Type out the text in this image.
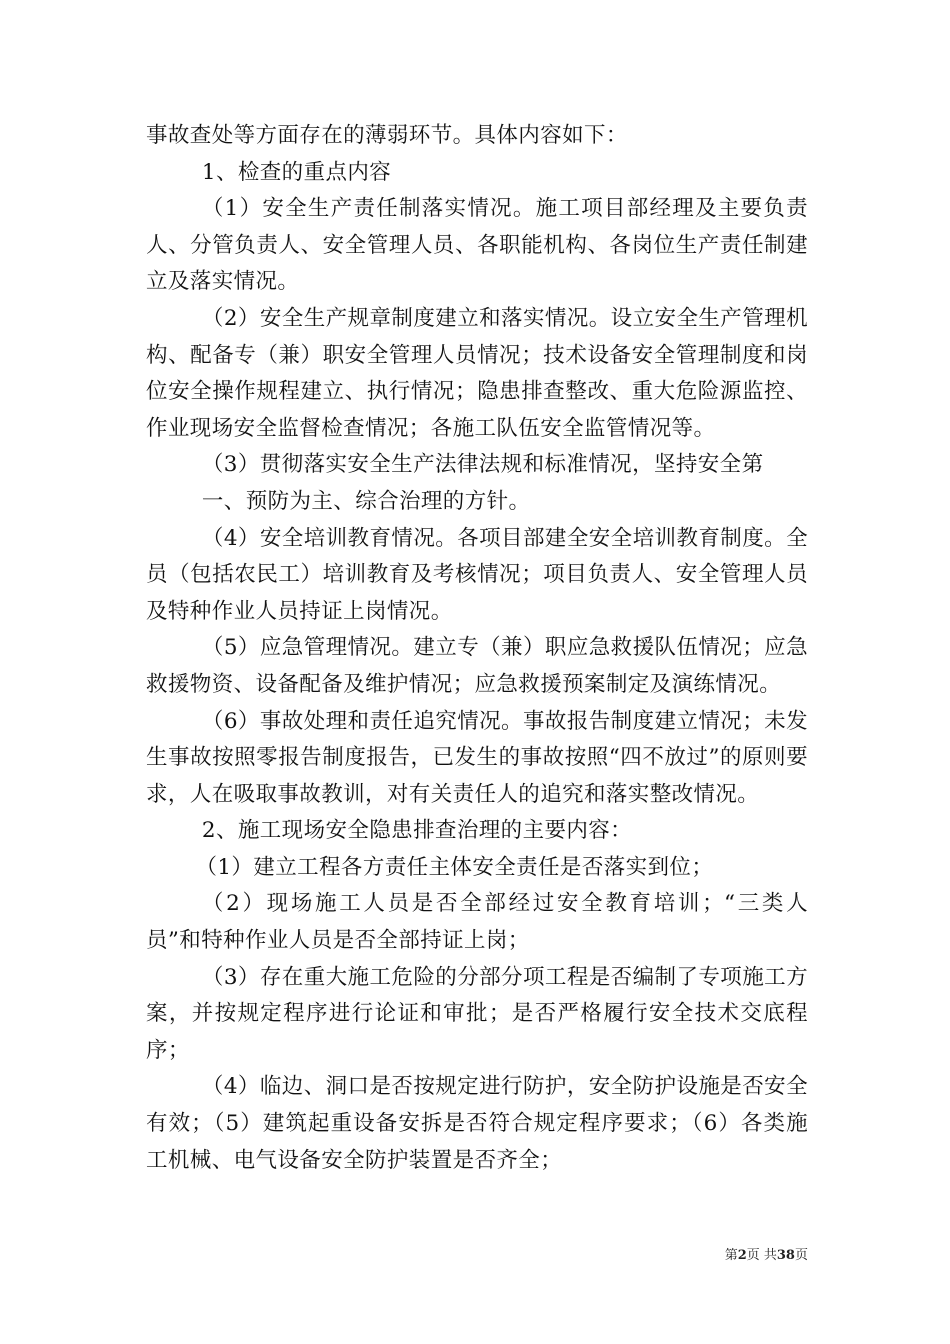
事故查处等方面存在的薄弱环节。具体内容如下：

1、检查的重点内容

（1）安全生产责任制落实情况。施工项目部经理及主要负责人、分管负责人、安全管理人员、各职能机构、各岗位生产责任制建立及落实情况。

（2）安全生产规章制度建立和落实情况。设立安全生产管理机构、配备专（兼）职安全管理人员情况；技术设备安全管理制度和岗位安全操作规程建立、执行情况；隐患排查整改、重大危险源监控、作业现场安全监督检查情况；各施工队伍安全监管情况等。

（3）贯彻落实安全生产法律法规和标准情况，坚持安全第

一、预防为主、综合治理的方针。

（4）安全培训教育情况。各项目部建全安全培训教育制度。全员（包括农民工）培训教育及考核情况；项目负责人、安全管理人员及特种作业人员持证上岗情况。

（5）应急管理情况。建立专（兼）职应急救援队伍情况；应急救援物资、设备配备及维护情况；应急救援预案制定及演练情况。

（6）事故处理和责任追究情况。事故报告制度建立情况；未发生事故按照零报告制度报告，已发生的事故按照“四不放过”的原则要求，人在吸取事故教训，对有关责任人的追究和落实整改情况。

2、施工现场安全隐患排查治理的主要内容：

（1）建立工程各方责任主体安全责任是否落实到位；

（2）现场施工人员是否全部经过安全教育培训；“三类人员”和特种作业人员是否全部持证上岗；

（3）存在重大施工危险的分部分项工程是否编制了专项施工方案，并按规定程序进行论证和审批；是否严格履行安全技术交底程序；

（4）临边、洞口是否按规定进行防护，安全防护设施是否安全有效；（5）建筑起重设备安拆是否符合规定程序要求；（6）各类施工机械、电气设备安全防护装置是否齐全；

第2页 共38页
